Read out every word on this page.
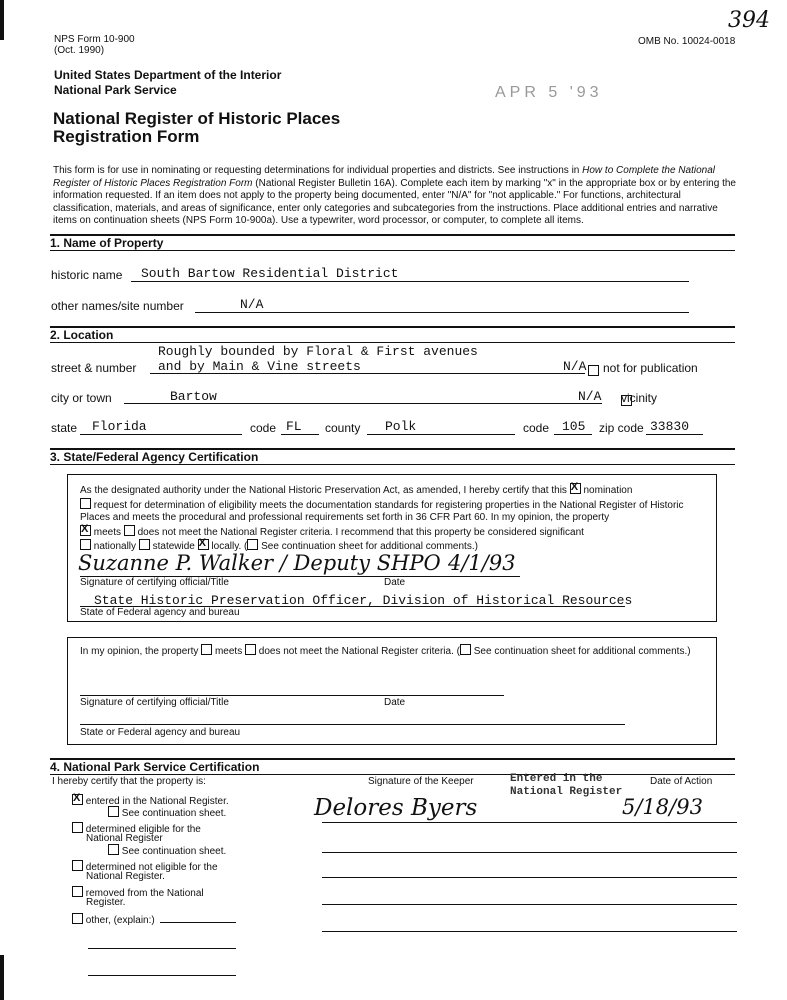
NPS Form 10-900
(Oct. 1990)
OMB No. 10024-0018
394
United States Department of the Interior
National Park Service	APR 5 '93
National Register of Historic Places
Registration Form
This form is for use in nominating or requesting determinations for individual properties and districts. See instructions in How to Complete the National Register of Historic Places Registration Form (National Register Bulletin 16A). Complete each item by marking "x" in the appropriate box or by entering the information requested. If an item does not apply to the property being documented, enter "N/A" for "not applicable." For functions, architectural classification, materials, and areas of significance, enter only categories and subcategories from the instructions. Place additional entries and narrative items on continuation sheets (NPS Form 10-900a). Use a typewriter, word processor, or computer, to complete all items.
1. Name of Property
historic name South Bartow Residential District
other names/site number	N/A
2. Location
Roughly bounded by Floral & First avenues
street & number and by Main & Vine streets	N/A
not for publication
city or town	Bartow	N/A vicinity
state Florida	code FL county Polk	code 105 zip code 33830
3. State/Federal Agency Certification
As the designated authority under the National Historic Preservation Act, as amended, I hereby certify that this X nomination
request for determination of eligibility meets the documentation standards for registering properties in the National Register of Historic Places and meets the procedural and professional requirements set forth in 36 CFR Part 60. In my opinion, the property
X meets does not meet the National Register criteria. I recommend that this property be considered significant
nationally statewide X locally. ( See continuation sheet for additional comments.)
Suzanne P. Walker / Deputy SHPO 4/1/93
Signature of certifying official/Title	Date
State Historic Preservation Officer, Division of Historical Resources
State of Federal agency and bureau
In my opinion, the property meets does not meet the National Register criteria. ( See continuation sheet for additional comments.)
Signature of certifying official/Title	Date
State or Federal agency and bureau
4. National Park Service Certification
I hereby certify that the property is:	Signature of the Keeper	Date of Action
Entered in the National Register
Delores Byers	5/18/93
X entered in the National Register.
See continuation sheet.
determined eligible for the
National Register
See continuation sheet.
determined not eligible for the
National Register.
removed from the National
Register.
other, (explain:)
